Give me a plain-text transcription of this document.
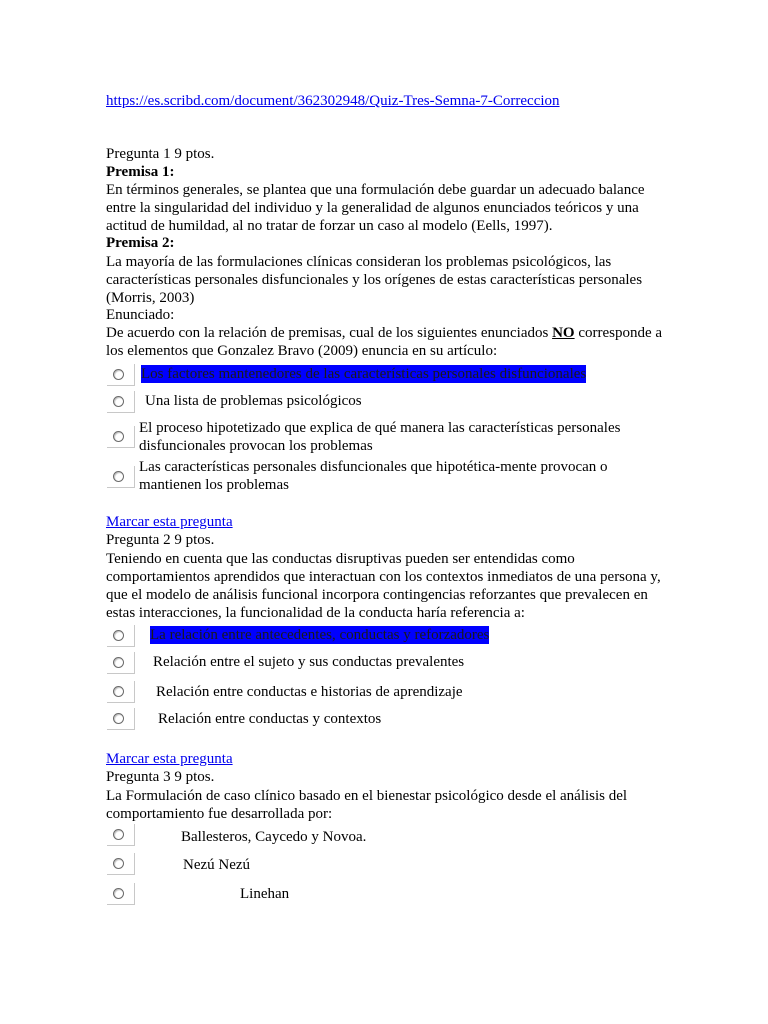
https://es.scribd.com/document/362302948/Quiz-Tres-Semna-7-Correccion
Pregunta 1 9 ptos.
Premisa 1:
En términos generales, se plantea que una formulación debe guardar un adecuado balance entre la singularidad del individuo y la generalidad de algunos enunciados teóricos y una actitud de humildad, al no tratar de forzar un caso al modelo (Eells, 1997).
Premisa 2:
La mayoría de las formulaciones clínicas consideran los problemas psicológicos, las características personales disfuncionales y los orígenes de estas características personales (Morris, 2003)
Enunciado:
De acuerdo con la relación de premisas, cual de los siguientes enunciados NO corresponde a los elementos que Gonzalez Bravo (2009) enuncia en su artículo:
Los factores mantenedores de las características personales disfuncionales
Una lista de problemas psicológicos
El proceso hipotetizado que explica de qué manera las características personales disfuncionales provocan los problemas
Las características personales disfuncionales que hipotética-mente provocan o mantienen los problemas
Marcar esta pregunta
Pregunta 2 9 ptos.
Teniendo en cuenta que las conductas disruptivas pueden ser entendidas como comportamientos aprendidos que interactuan con los contextos inmediatos de una persona y, que el modelo de análisis funcional incorpora contingencias reforzantes que prevalecen en estas interacciones, la funcionalidad de la conducta haría referencia a:
La relación entre antecedentes, conductas y reforzadores
Relación entre el sujeto y sus conductas prevalentes
Relación entre conductas e historias de aprendizaje
Relación entre conductas y contextos
Marcar esta pregunta
Pregunta 3 9 ptos.
La Formulación de caso clínico basado en el bienestar psicológico desde el análisis del comportamiento fue desarrollada por:
Ballesteros, Caycedo y Novoa.
Nezú Nezú
Linehan
